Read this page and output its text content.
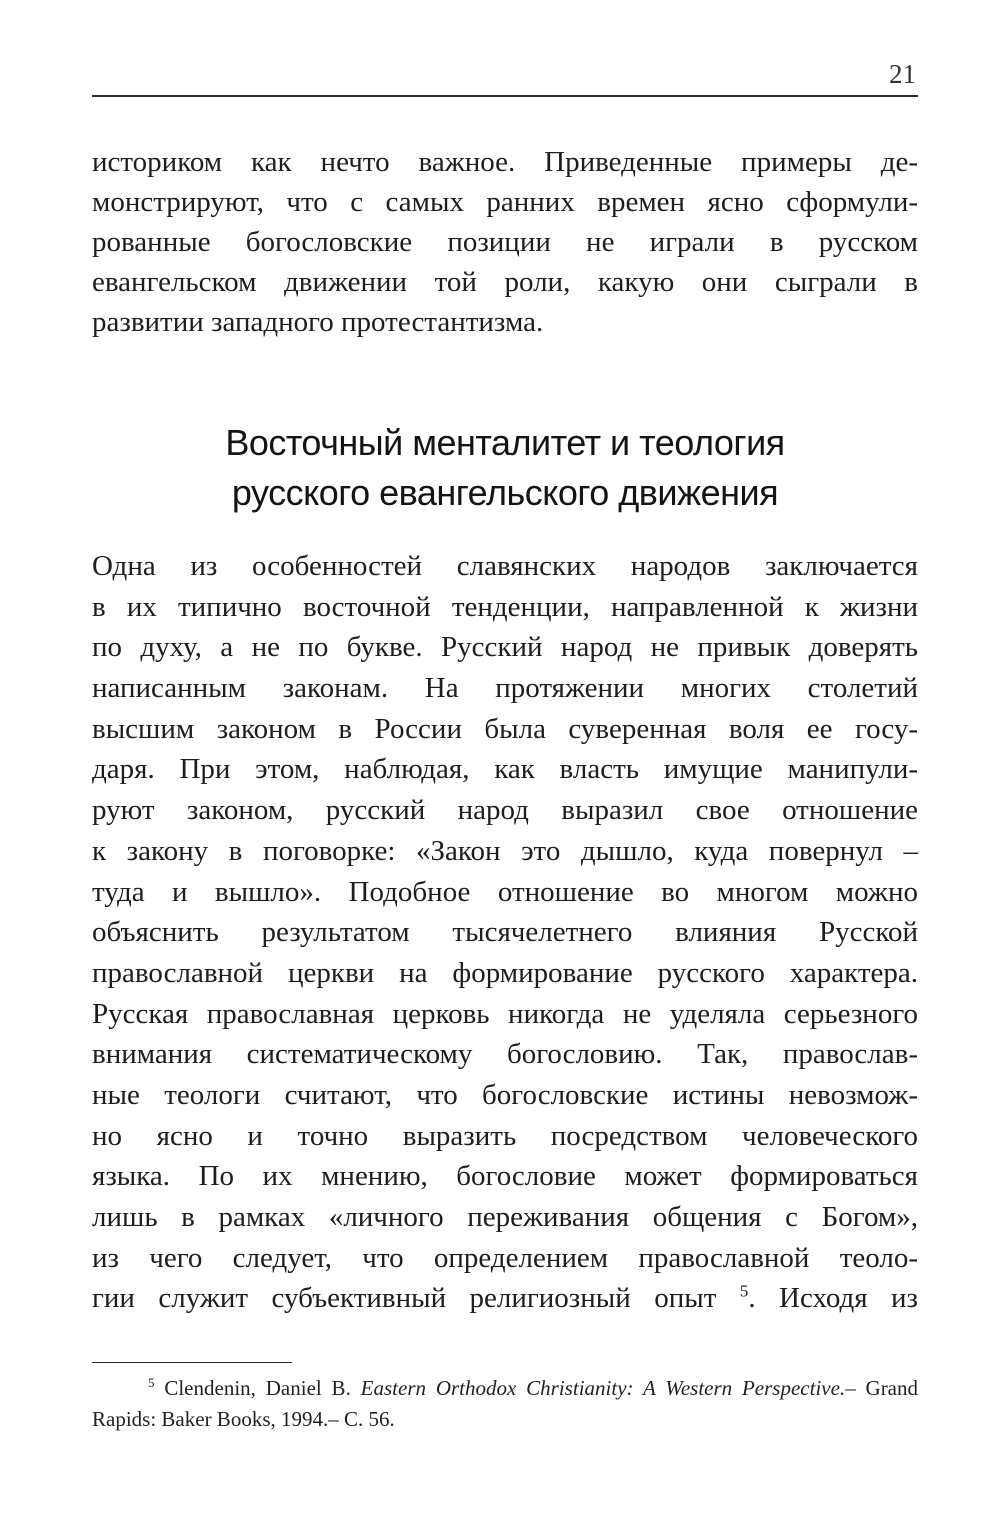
21
историком как нечто важное. Приведенные примеры де-
монстрируют, что с самых ранних времен ясно сформули-
рованные богословские позиции не играли в русском
евангельском движении той роли, какую они сыграли в
развитии западного протестантизма.
Восточный менталитет и теология
русского евангельского движения
Одна из особенностей славянских народов заключается
в их типично восточной тенденции, направленной к жизни
по духу, а не по букве. Русский народ не привык доверять
написанным законам. На протяжении многих столетий
высшим законом в России была суверенная воля ее госу-
даря. При этом, наблюдая, как власть имущие манипули-
руют законом, русский народ выразил свое отношение
к закону в поговорке: «Закон это дышло, куда повернул –
туда и вышло». Подобное отношение во многом можно
объяснить результатом тысячелетнего влияния Русской
православной церкви на формирование русского характера.
Русская православная церковь никогда не уделяла серьезного
внимания систематическому богословию. Так, православ-
ные теологи считают, что богословские истины невозмож-
но ясно и точно выразить посредством человеческого
языка. По их мнению, богословие может формироваться
лишь в рамках «личного переживания общения с Богом»,
из чего следует, что определением православной теоло-
гии служит субъективный религиозный опыт $^5$. Исходя из
$^5$ Clendenin, Daniel B. Eastern Orthodox Christianity: A Western Perspective.– Grand
Rapids: Baker Books, 1994.– С. 56.
